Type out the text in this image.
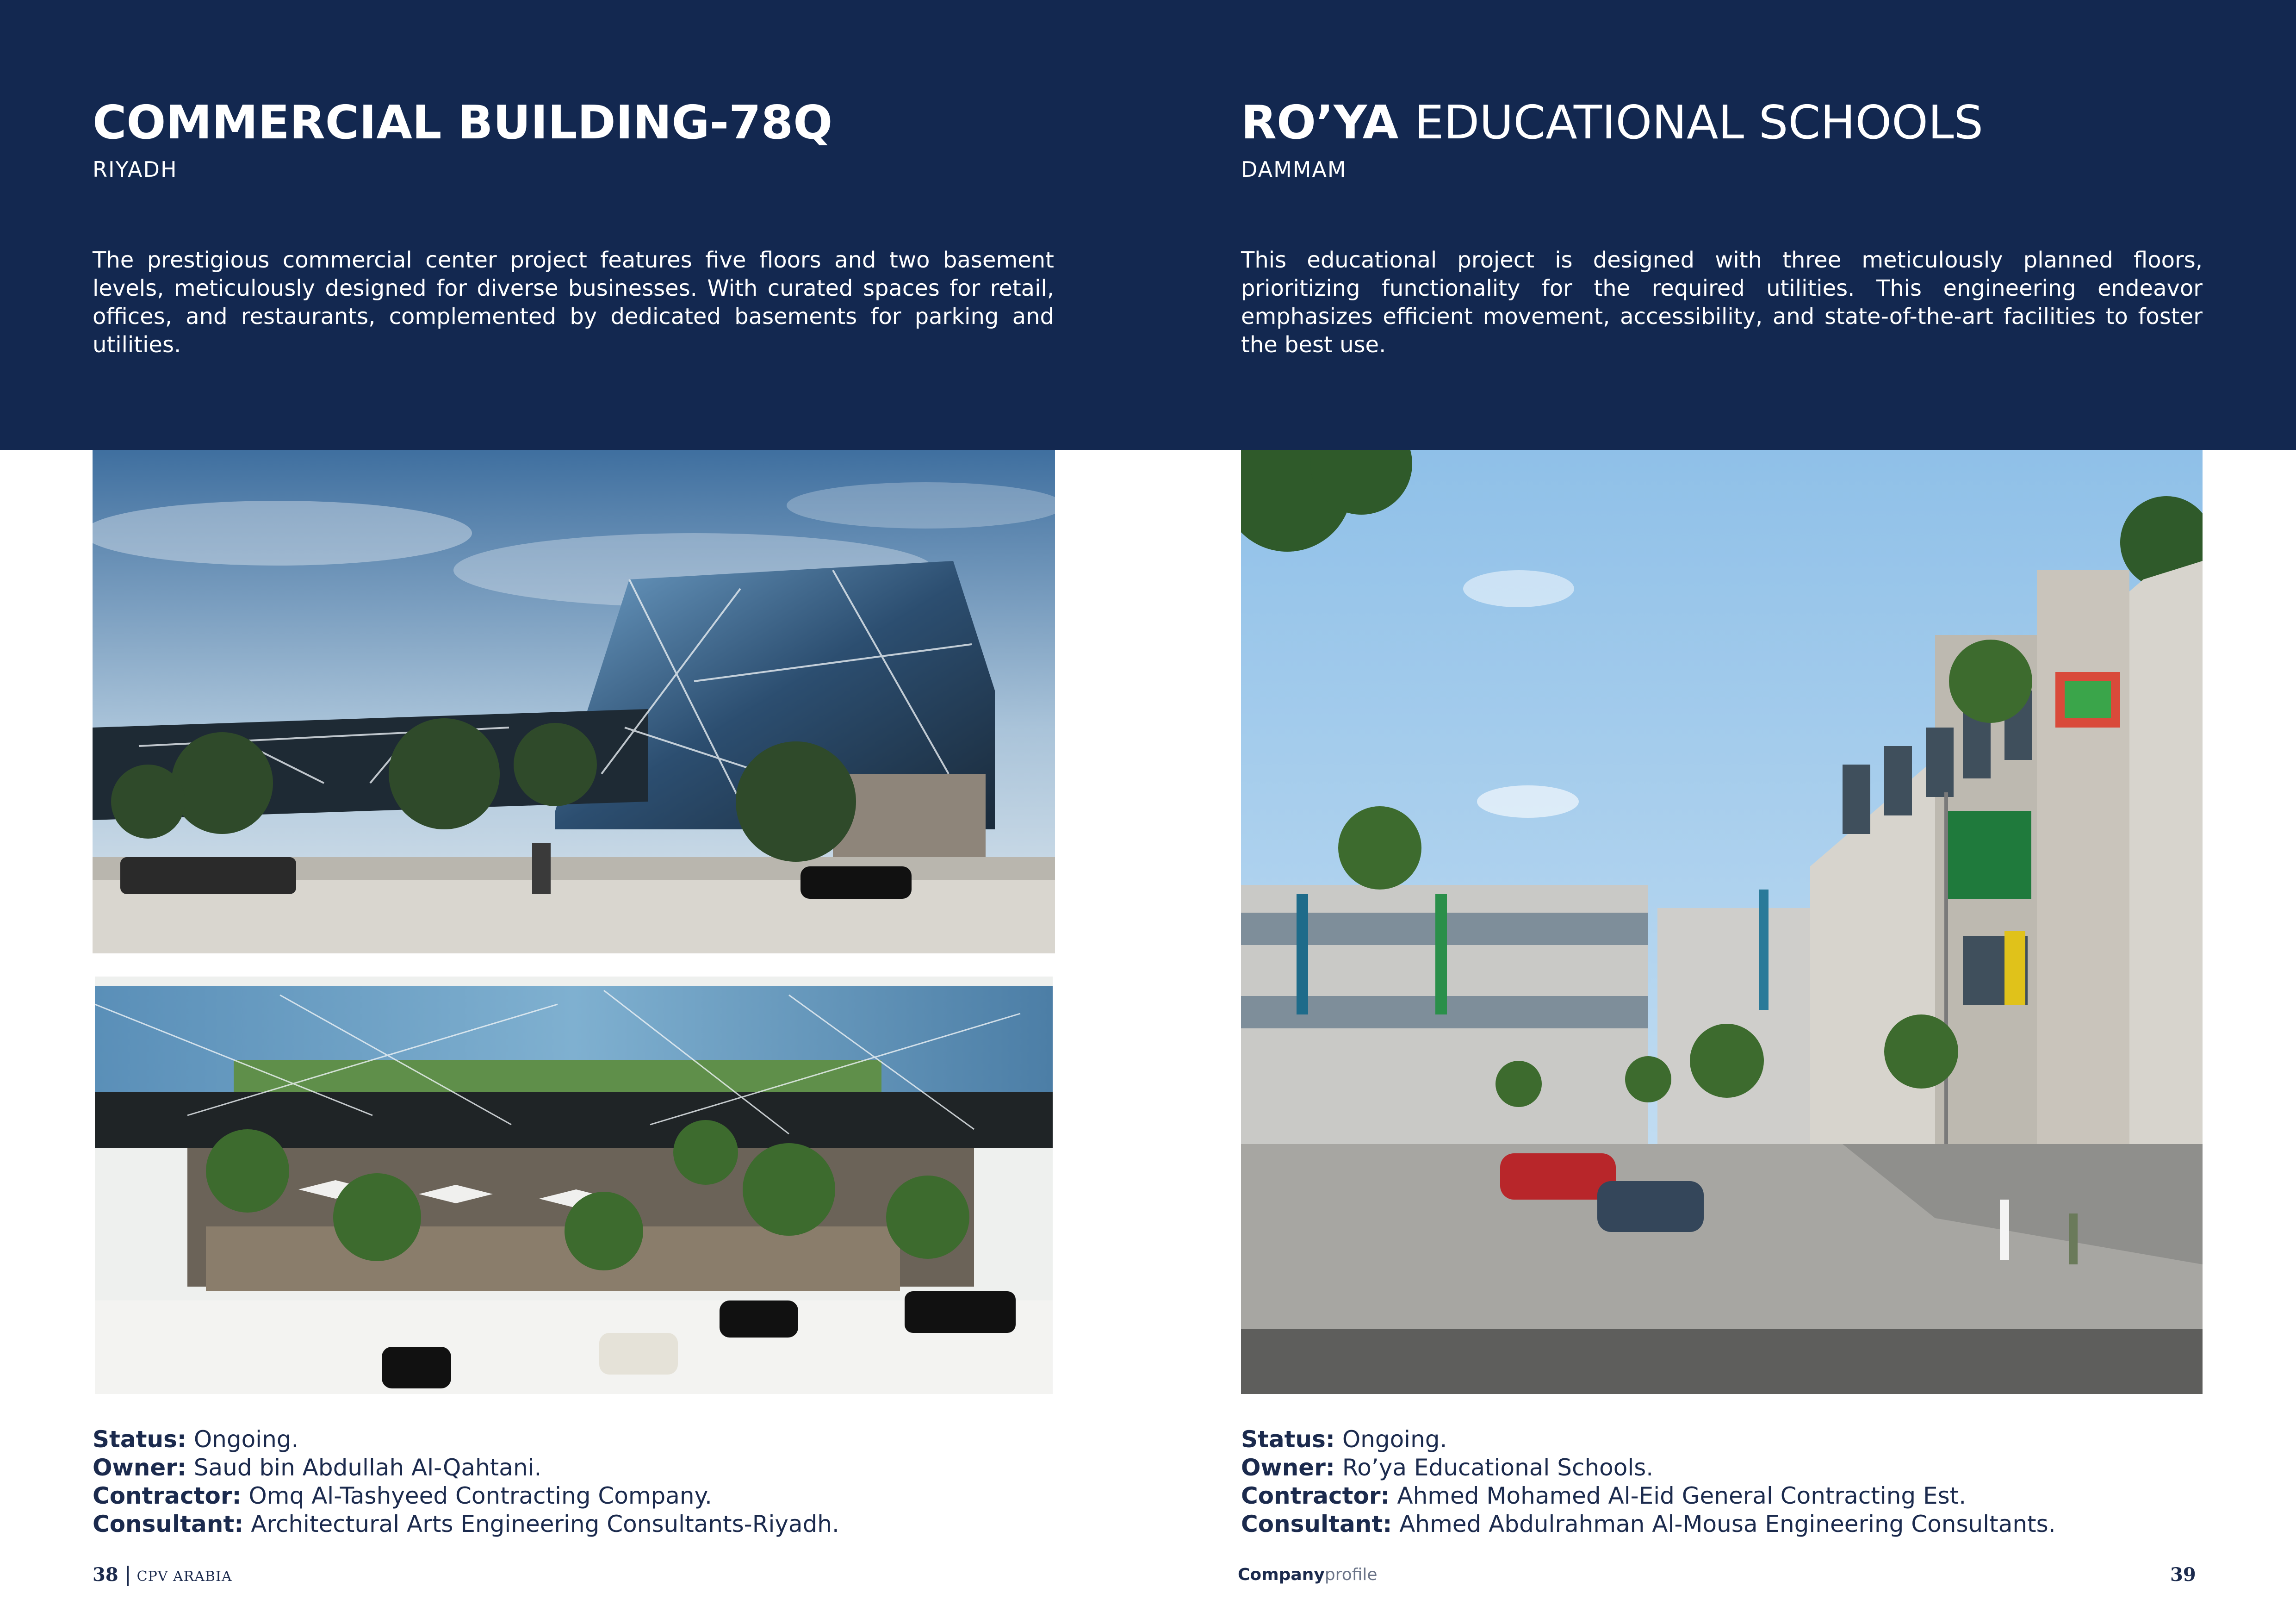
COMMERCIAL BUILDING-78Q

RIYADH

The prestigious commercial center project features five floors and two basement levels, meticulously designed for diverse businesses. With curated spaces for retail, offices, and restaurants, complemented by dedicated basements for parking and utilities.

RO’YA EDUCATIONAL SCHOOLS

DAMMAM

This educational project is designed with three meticulously planned floors, prioritizing functionality for the required utilities. This engineering endeavor emphasizes efficient movement, accessibility, and state-of-the-art facilities to foster the best use.

Status: Ongoing.
Owner: Saud bin Abdullah Al-Qahtani.
Contractor: Omq Al-Tashyeed Contracting Company.
Consultant: Architectural Arts Engineering Consultants-Riyadh.
Status: Ongoing.
Owner: Ro’ya Educational Schools.
Contractor: Ahmed Mohamed Al-Eid General Contracting Est.
Consultant: Ahmed Abdulrahman Al-Mousa Engineering Consultants.
38 CPV ARABIA	Companyprofile	39
